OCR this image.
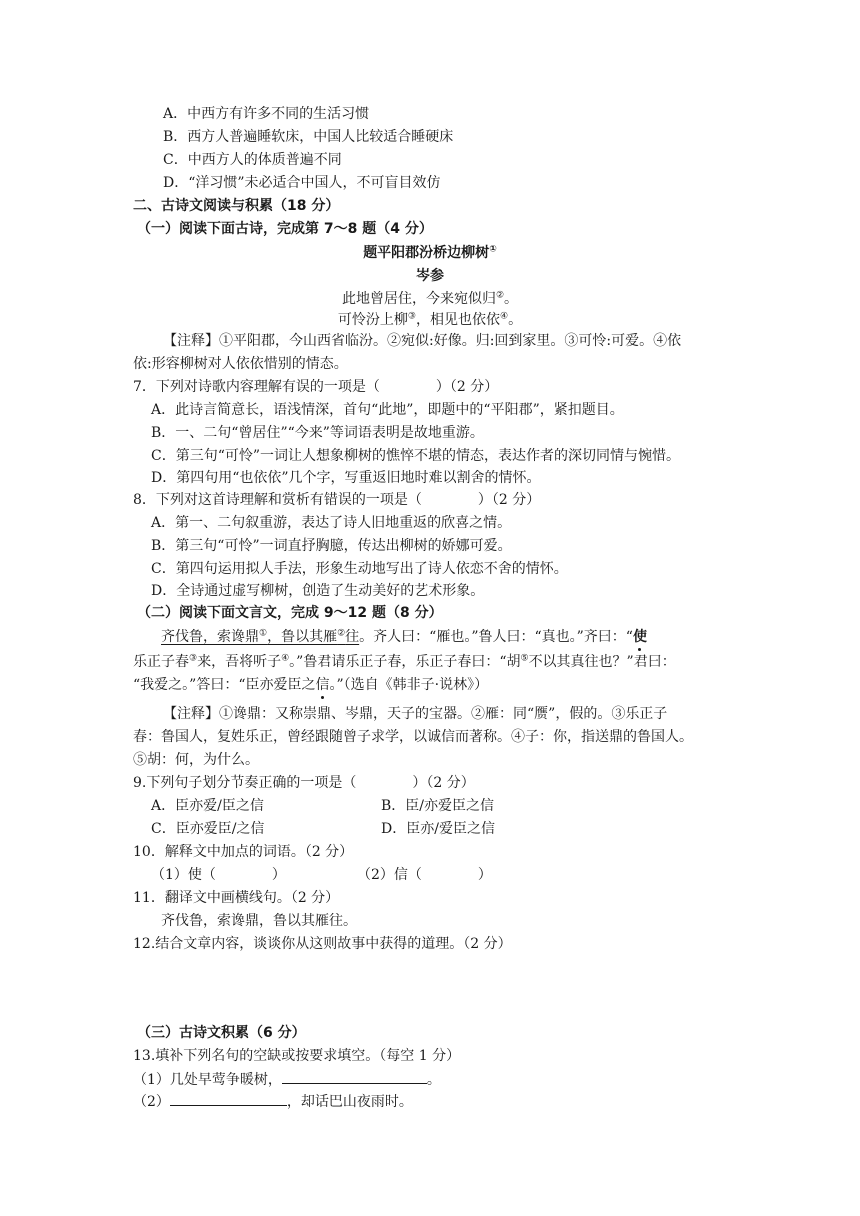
A．中西方有许多不同的生活习惯
B．西方人普遍睡软床，中国人比较适合睡硬床
C．中西方人的体质普遍不同
D．“洋习惯”未必适合中国人，不可盲目效仿
二、古诗文阅读与积累（18 分）
（一）阅读下面古诗，完成第 7～8 题（4 分）
题平阳郡汾桥边柳树①
岑参
此地曾居住，今来宛似归②。
可怜汾上柳③，相见也依依④。
【注释】①平阳郡，今山西省临汾。②宛似:好像。归:回到家里。③可怜:可爱。④依
依:形容柳树对人依依惜别的情态。
7．下列对诗歌内容理解有误的一项是（　　　　）（2 分）
A．此诗言简意长，语浅情深，首句“此地”，即题中的“平阳郡”，紧扣题目。
B．一、二句“曾居住”“今来”等词语表明是故地重游。
C．第三句“可怜”一词让人想象柳树的憔悴不堪的情态，表达作者的深切同情与惋惜。
D．第四句用“也依依”几个字，写重返旧地时难以割舍的情怀。
8．下列对这首诗理解和赏析有错误的一项是（　　　　）（2 分）
A．第一、二句叙重游，表达了诗人旧地重返的欣喜之情。
B．第三句“可怜”一词直抒胸臆，传达出柳树的娇娜可爱。
C．第四句运用拟人手法，形象生动地写出了诗人依恋不舍的情怀。
D．全诗通过虚写柳树，创造了生动美好的艺术形象。
（二）阅读下面文言文，完成 9～12 题（8 分）
齐伐鲁，索谗鼎①，鲁以其雁②往。齐人曰：“雁也。”鲁人曰：“真也。”齐曰：“使
乐正子春③来，吾将听子④。”鲁君请乐正子春，乐正子春曰：“胡⑤不以其真往也？”君曰：
“我爱之。”答曰：“臣亦爱臣之信。”（选自《韩非子·说林》）
【注释】①谗鼎：又称崇鼎、岑鼎，天子的宝器。②雁：同“赝”，假的。③乐正子
春：鲁国人，复姓乐正，曾经跟随曾子求学，以诚信而著称。④子：你，指送鼎的鲁国人。
⑤胡：何，为什么。
9.下列句子划分节奏正确的一项是（　　　　）（2 分）
A．臣亦爱/臣之信	B．臣/亦爱臣之信
C．臣亦爱臣/之信	D．臣亦/爱臣之信
10．解释文中加点的词语。（2 分）
（1）使（　　　　）	（2）信（　　　　）
11．翻译文中画横线句。（2 分）
齐伐鲁，索谗鼎，鲁以其雁往。
12.结合文章内容，谈谈你从这则故事中获得的道理。（2 分）
（三）古诗文积累（6 分）
13.填补下列名句的空缺或按要求填空。（每空 1 分）
（1）几处早莺争暖树，	。
（2）	，却话巴山夜雨时。
